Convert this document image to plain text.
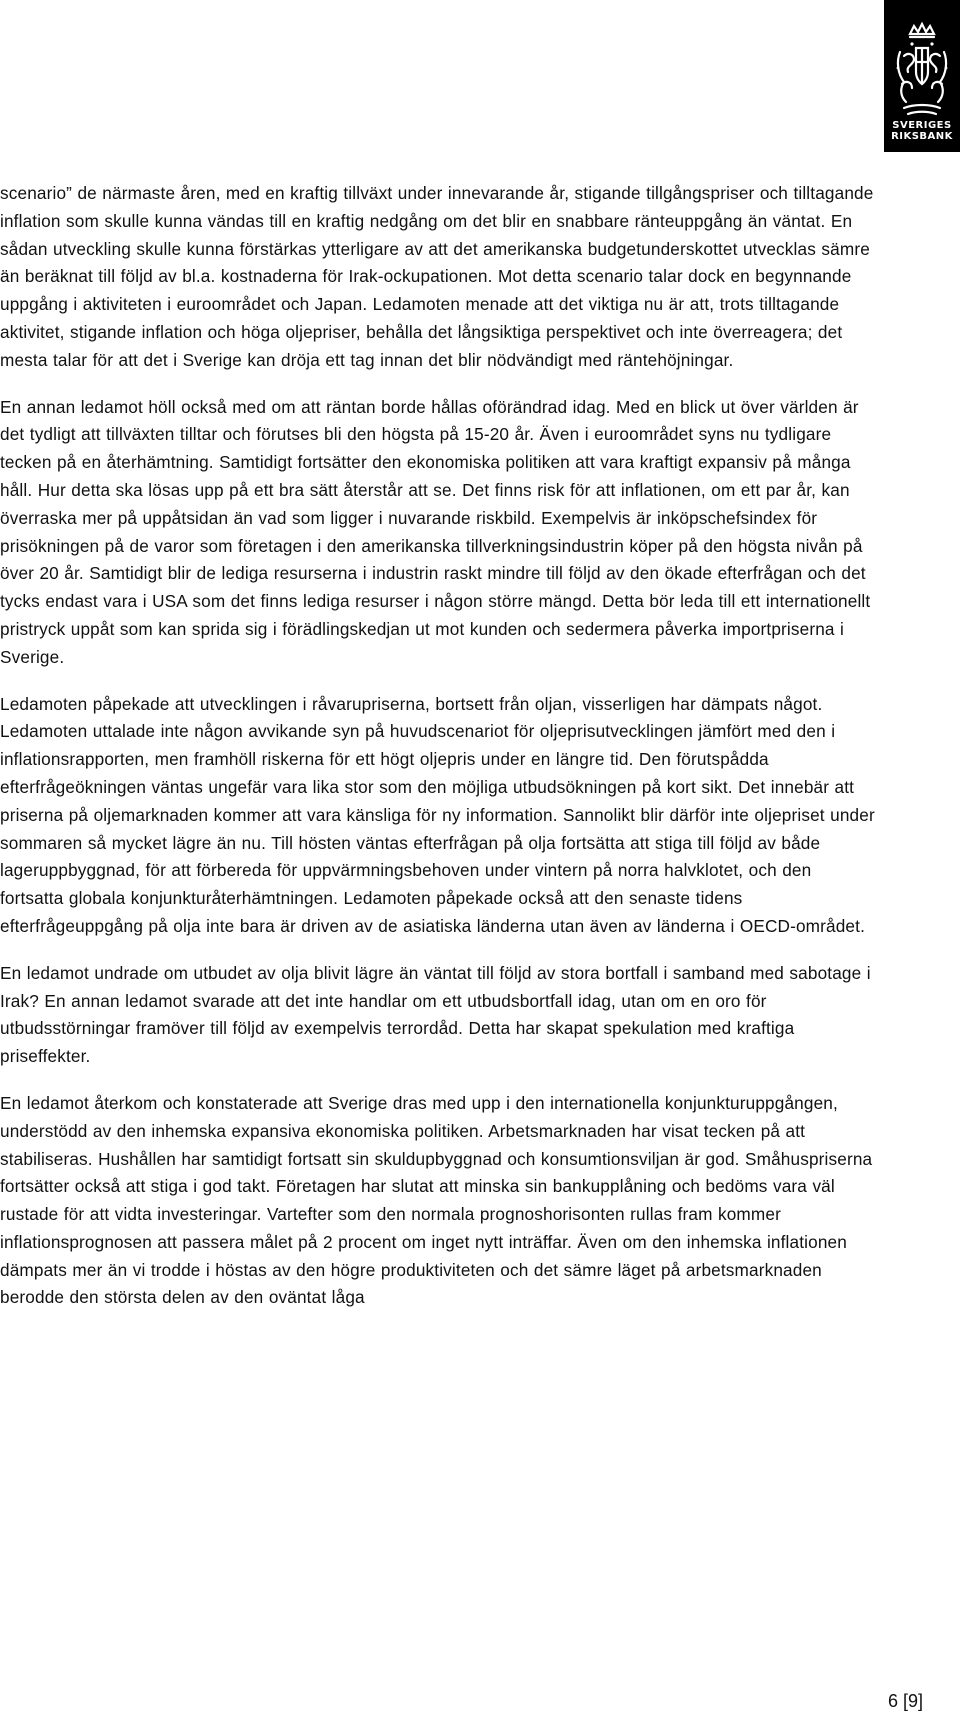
SVERIGES
RIKSBANK

scenario” de närmaste åren, med en kraftig tillväxt under innevarande år, stigande tillgångspriser och tilltagande inflation som skulle kunna vändas till en kraftig nedgång om det blir en snabbare ränteuppgång än väntat. En sådan utveckling skulle kunna förstärkas ytterligare av att det amerikanska budgetunderskottet utvecklas sämre än beräknat till följd av bl.a. kostnaderna för Irak-ockupationen. Mot detta scenario talar dock en begynnande uppgång i aktiviteten i euroområdet och Japan. Ledamoten menade att det viktiga nu är att, trots tilltagande aktivitet, stigande inflation och höga oljepriser, behålla det långsiktiga perspektivet och inte överreagera; det mesta talar för att det i Sverige kan dröja ett tag innan det blir nödvändigt med räntehöjningar.

En annan ledamot höll också med om att räntan borde hållas oförändrad idag. Med en blick ut över världen är det tydligt att tillväxten tilltar och förutses bli den högsta på 15-20 år. Även i euroområdet syns nu tydligare tecken på en återhämtning. Samtidigt fortsätter den ekonomiska politiken att vara kraftigt expansiv på många håll. Hur detta ska lösas upp på ett bra sätt återstår att se. Det finns risk för att inflationen, om ett par år, kan överraska mer på uppåtsidan än vad som ligger i nuvarande riskbild. Exempelvis är inköpschefsindex för prisökningen på de varor som företagen i den amerikanska tillverkningsindustrin köper på den högsta nivån på över 20 år. Samtidigt blir de lediga resurserna i industrin raskt mindre till följd av den ökade efterfrågan och det tycks endast vara i USA som det finns lediga resurser i någon större mängd. Detta bör leda till ett internationellt pristryck uppåt som kan sprida sig i förädlingskedjan ut mot kunden och sedermera påverka importpriserna i Sverige.

Ledamoten påpekade att utvecklingen i råvarupriserna, bortsett från oljan, visserligen har dämpats något. Ledamoten uttalade inte någon avvikande syn på huvudscenariot för oljeprisutvecklingen jämfört med den i inflationsrapporten, men framhöll riskerna för ett högt oljepris under en längre tid. Den förutspådda efterfrågeökningen väntas ungefär vara lika stor som den möjliga utbudsökningen på kort sikt. Det innebär att priserna på oljemarknaden kommer att vara känsliga för ny information. Sannolikt blir därför inte oljepriset under sommaren så mycket lägre än nu. Till hösten väntas efterfrågan på olja fortsätta att stiga till följd av både lageruppbyggnad, för att förbereda för uppvärmningsbehoven under vintern på norra halvklotet, och den fortsatta globala konjunkturåterhämtningen. Ledamoten påpekade också att den senaste tidens efterfrågeuppgång på olja inte bara är driven av de asiatiska länderna utan även av länderna i OECD-området.

En ledamot undrade om utbudet av olja blivit lägre än väntat till följd av stora bortfall i samband med sabotage i Irak? En annan ledamot svarade att det inte handlar om ett utbudsbortfall idag, utan om en oro för utbudsstörningar framöver till följd av exempelvis terrordåd. Detta har skapat spekulation med kraftiga priseffekter.

En ledamot återkom och konstaterade att Sverige dras med upp i den internationella konjunkturuppgången, understödd av den inhemska expansiva ekonomiska politiken. Arbetsmarknaden har visat tecken på att stabiliseras. Hushållen har samtidigt fortsatt sin skuldupbyggnad och konsumtionsviljan är god. Småhuspriserna fortsätter också att stiga i god takt. Företagen har slutat att minska sin bankupplåning och bedöms vara väl rustade för att vidta investeringar. Vartefter som den normala prognoshorisonten rullas fram kommer inflationsprognosen att passera målet på 2 procent om inget nytt inträffar. Även om den inhemska inflationen dämpats mer än vi trodde i höstas av den högre produktiviteten och det sämre läget på arbetsmarknaden berodde den största delen av den oväntat låga

6 [9]
